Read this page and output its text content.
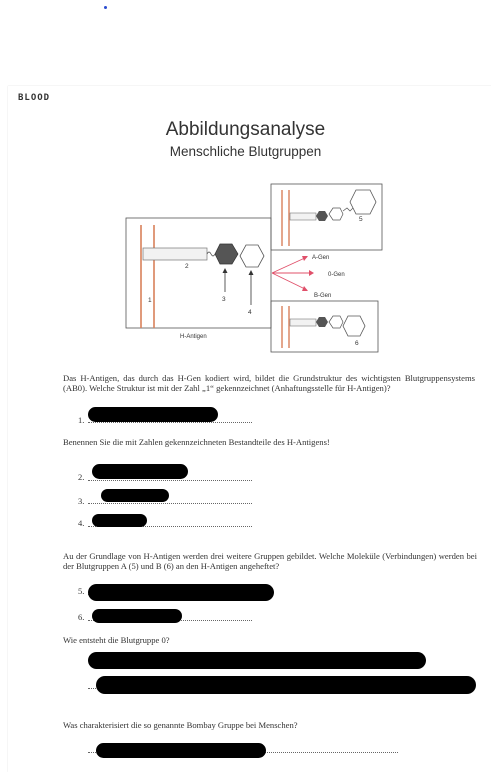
BLOOD
Abbildungsanalyse
Menschliche Blutgruppen
1
2
3
4
H-Antigen
5
A-Gen
0-Gen
B-Gen
6
Das H-Antigen, das durch das H-Gen kodiert wird, bildet die Grundstruktur des wichtigsten Blutgruppensystems (AB0). Welche Struktur ist mit der Zahl „1“ gekennzeichnet (Anhaftungsstelle für H-Antigen)?
1.
Benennen Sie die mit Zahlen gekennzeichneten Bestandteile des H-Antigens!
2.
3.
4.
Au der Grundlage von H-Antigen werden drei weitere Gruppen gebildet. Welche Moleküle (Verbindungen) werden bei der Blutgruppen A (5) und B (6) an den H-Antigen angeheftet?
5.
6.
Wie entsteht die Blutgruppe 0?
Was charakterisiert die so genannte Bombay Gruppe bei Menschen?
